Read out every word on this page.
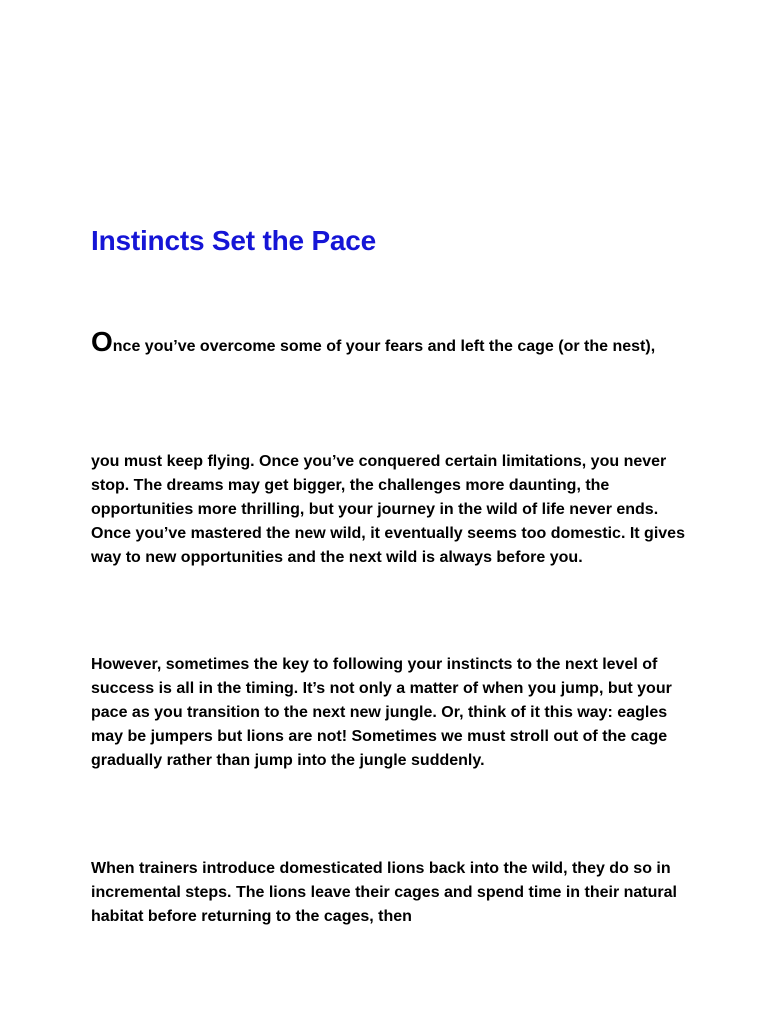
Instincts Set the Pace

Once you’ve overcome some of your fears and left the cage (or the nest),

you must keep flying. Once you’ve conquered certain limitations, you never stop. The dreams may get bigger, the challenges more daunting, the opportunities more thrilling, but your journey in the wild of life never ends. Once you’ve mastered the new wild, it eventually seems too domestic. It gives way to new opportunities and the next wild is always before you.

However, sometimes the key to following your instincts to the next level of success is all in the timing. It’s not only a matter of when you jump, but your pace as you transition to the next new jungle. Or, think of it this way: eagles may be jumpers but lions are not! Sometimes we must stroll out of the cage gradually rather than jump into the jungle suddenly.

When trainers introduce domesticated lions back into the wild, they do so in incremental steps. The lions leave their cages and spend time in their natural habitat before returning to the cages, then
